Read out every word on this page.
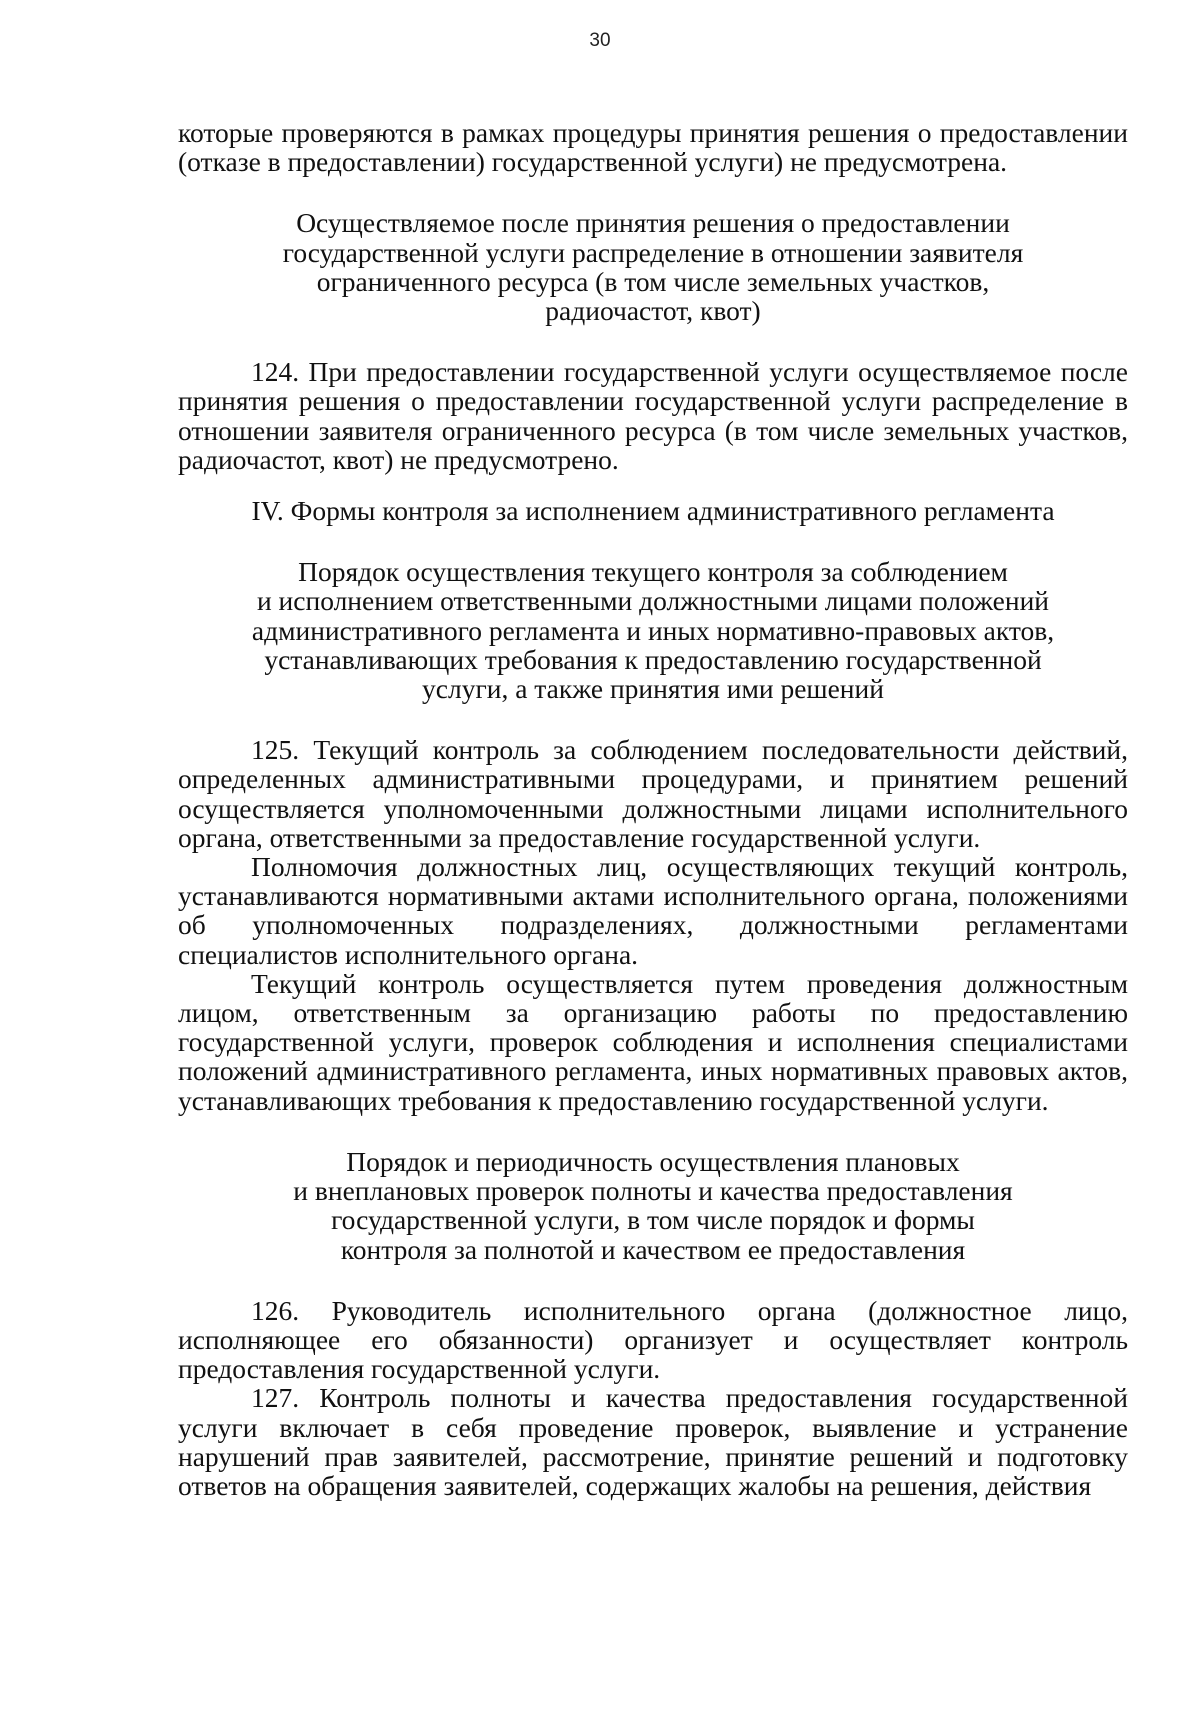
30

которые проверяются в рамках процедуры принятия решения о предоставлении (отказе в предоставлении) государственной услуги) не предусмотрена.

Осуществляемое после принятия решения о предоставлении
государственной услуги распределение в отношении заявителя
ограниченного ресурса (в том числе земельных участков,
радиочастот, квот)

124. При предоставлении государственной услуги осуществляемое после принятия решения о предоставлении государственной услуги распределение в отношении заявителя ограниченного ресурса (в том числе земельных участков, радиочастот, квот) не предусмотрено.

IV. Формы контроля за исполнением административного регламента

Порядок осуществления текущего контроля за соблюдением
и исполнением ответственными должностными лицами положений
административного регламента и иных нормативно-правовых актов,
устанавливающих требования к предоставлению государственной
услуги, а также принятия ими решений

125. Текущий контроль за соблюдением последовательности действий, определенных административными процедурами, и принятием решений осуществляется уполномоченными должностными лицами исполнительного органа, ответственными за предоставление государственной услуги.

Полномочия должностных лиц, осуществляющих текущий контроль, устанавливаются нормативными актами исполнительного органа, положениями об уполномоченных подразделениях, должностными регламентами специалистов исполнительного органа.

Текущий контроль осуществляется путем проведения должностным лицом, ответственным за организацию работы по предоставлению государственной услуги, проверок соблюдения и исполнения специалистами положений административного регламента, иных нормативных правовых актов, устанавливающих требования к предоставлению государственной услуги.

Порядок и периодичность осуществления плановых
и внеплановых проверок полноты и качества предоставления
государственной услуги, в том числе порядок и формы
контроля за полнотой и качеством ее предоставления

126. Руководитель исполнительного органа (должностное лицо, исполняющее его обязанности) организует и осуществляет контроль предоставления государственной услуги.

127. Контроль полноты и качества предоставления государственной услуги включает в себя проведение проверок, выявление и устранение нарушений прав заявителей, рассмотрение, принятие решений и подготовку ответов на обращения заявителей, содержащих жалобы на решения, действия
